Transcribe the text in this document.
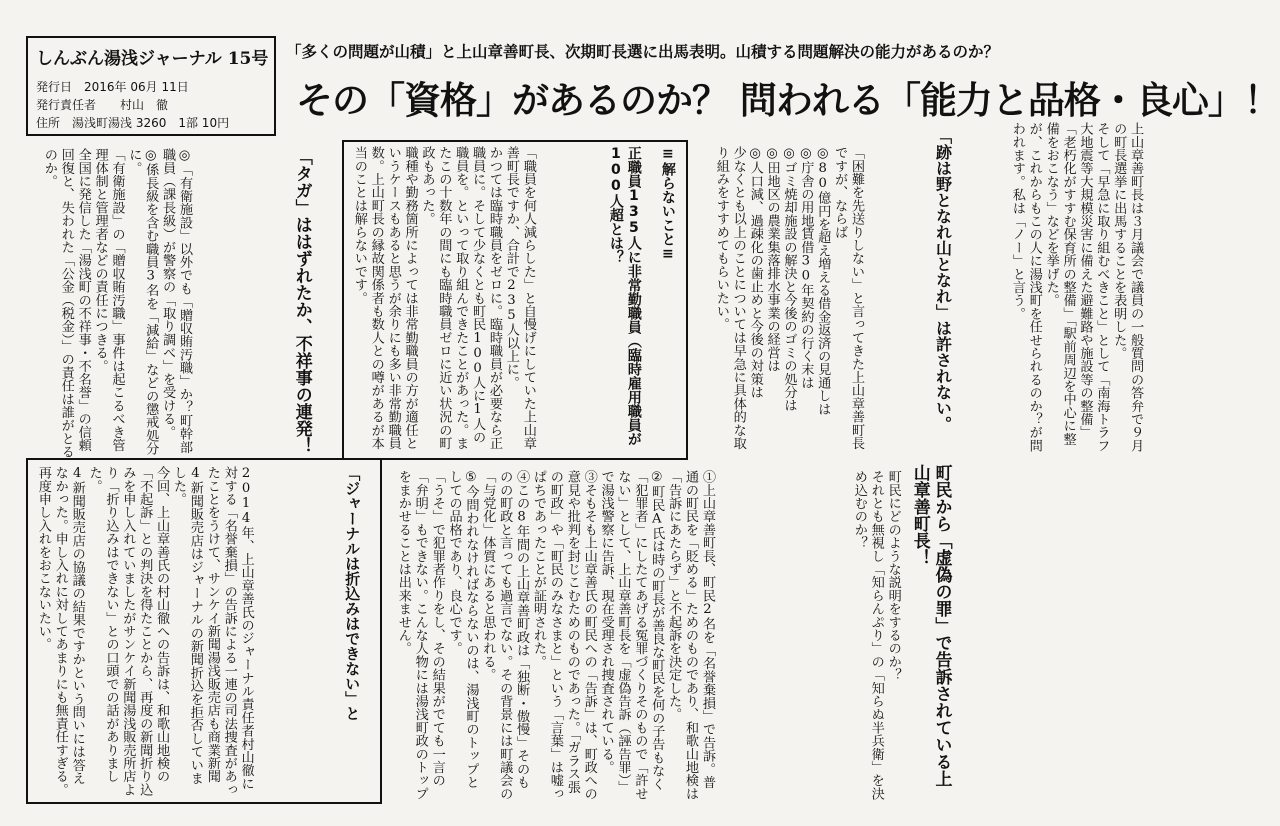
しんぶん湯浅ジャーナル 15号
発行日　2016年 06月 11日
発行責任者　　村山　徹
住所　湯浅町湯浅 3260　1部 10円
「多くの問題が山積」と上山章善町長、次期町長選に出馬表明。山積する問題解決の能力があるのか？
その「資格」があるのか？ 問われる「能力と品格・良心」！
上山章善町長は３月議会で議員の一般質問の答弁で９月の町長選挙に出馬することを表明した。
そして「早急に取り組むべきこと」として「南海トラフ大地震等大規模災害に備えた避難路や施設等の整備」「老朽化がすすむ保育所の整備」「駅前周辺を中心に整備をおこなう」などを挙げた。
が、これからもこの人に湯浅町を任せられるのか？が問われます。私は「ノー」と言う。
「跡は野となれ山となれ」は許されない。
「困難を先送りしない」と言ってきた上山章善町長ですが、ならば
◎80億円を超え増える借金返済の見通しは
◎庁舎の用地賃借30年契約の行く末は
◎ゴミ焼却施設の解決と今後のゴミの処分は
◎田地区の農業集落排水事業の経営は
◎人口減、過疎化の歯止めと今後の対策は
少なくとも以上のことについては早急に具体的な取り組みをすすめてもらいたい。
≡解らないこと≡
正職員135人に非常勤職員（臨時雇用職員が100人超とは？
「職員を何人減らした」と自慢げにしていた上山章善町長ですか、合計で235人以上に。
かつては臨時職員をゼロに。臨時職員が必要なら正職員に。そして少なくとも町民100人に1人の職員を。といって取り組んできたことがあった。またこの十数年の間にも臨時職員ゼロに近い状況の町政もあった。
職種や勤務箇所によっては非常勤職員の方が適任というケースもあると思うが余りにも多い非常勤職員数。上山町長の縁故関係者も数人との噂があるが本当のことは解らないです。
「タガ」ははずれたか、不祥事の連発！
◎「有衛施設」以外でも「贈収賄汚職」か？町幹部職員（課長級）が警察の「取り調べ」を受ける。
◎係長級を含む職員3名を「減給」などの懲戒処分に。
「有衛施設」の「贈収賄汚職」事件は起こるべき管理体制と管理者などの責任につきる。
全国に発信した「湯浅町の不祥事・不名誉」の信頼回復と、失われた「公金（税金）」の責任は誰がとるのか。
町民から「虚偽の罪」で告訴されている上山章善町長！
町民にどのような説明をするのか？
それとも無視し「知らんぷり」の「知らぬ半兵衛」を決め込むのか？
①上山章善町長、町民2名を「名誉棄損」で告訴。普通の町民を「貶める」ためのものであり、和歌山地検は「告訴にあたらず」と不起訴を決定した。
②町民A氏は時の町長が善良な町民を何の子告もなく「犯罪者」にしたてあげる冤罪づくりそのもので「許せない」として、上山章善町長を「虚偽告訴（誣告罪）」で湯浅警察に告訴、現在受理され捜査されている。
③そもそも上山章善氏の町民への「告訴」は、町政への意見や批判を封じこむためのものであった。「ガラス張の町政」や「町民のみなさまと」という「言葉」は嘘っぱちであったことが証明された。
④この8年間の上山章善町政は「独断・傲慢」そのものの町政と言っても過言でない。その背景には町議会の「与党化」体質にあると思われる。
⑤今問われなければならないのは、湯浅町のトップとしての品格であり、良心です。
「うそ」で犯罪者作りをし、その結果がでても一言の「弁明」もできない。こんな人物には湯浅町政のトップをまかせることは出来ません。
「ジャーナルは折込みはできない」と
2014年、上山章善氏のジャーナル責任者村山徹に対する「名誉棄損」の告訴による一連の司法捜査があったことをうけて、サンケイ新聞湯浅販売店も商業新聞4新聞販売店はジャーナルの新聞折込を拒否していました。
今回、上山章善氏の村山徹への告訴は、和歌山地検の「不起訴」との判決を得たことから、再度の新聞折り込みを申し入れていましたがサンケイ新聞湯浅販売所店より「折り込みはできない」との口頭での話がありました。
4新聞販売店の協議の結果ですかという問いには答えなかった。申し入れに対してあまりにも無責任すぎる。再度申し入れをおこないたい。
